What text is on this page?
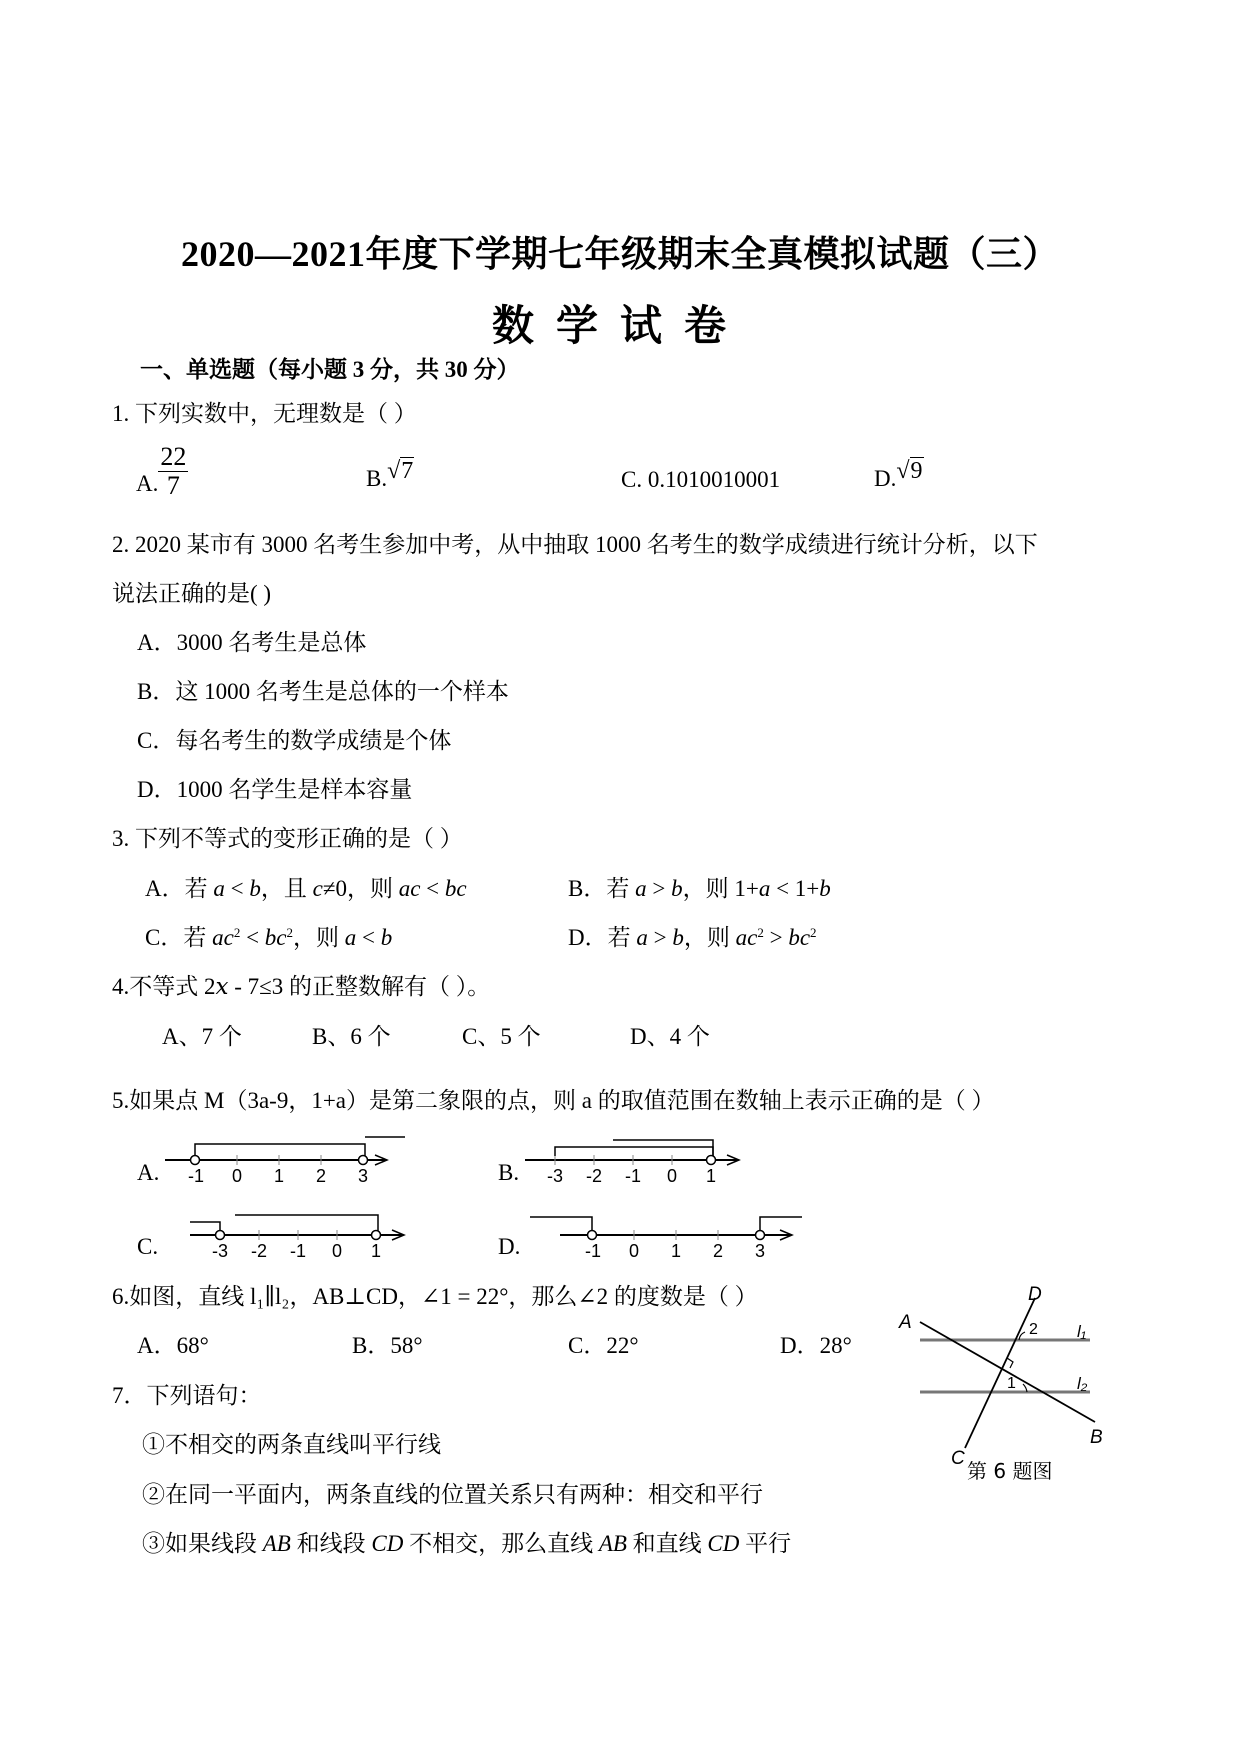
2020—2021年度下学期七年级期末全真模拟试题（三）
数学试卷
一、单选题（每小题 3 分，共 30 分）
1. 下列实数中，无理数是（ ）
A. $\frac{22}{7}$	B.√7	C. 0.1010010001	D.√9
2. 2020 某市有 3000 名考生参加中考，从中抽取 1000 名考生的数学成绩进行统计分析，以下
说法正确的是( )
A．3000 名考生是总体
B．这 1000 名考生是总体的一个样本
C．每名考生的数学成绩是个体
D．1000 名学生是样本容量
3. 下列不等式的变形正确的是（ ）
A．若 a < b，且 c≠0，则 ac < bc	B．若 a > b，则 1+a < 1+b
C．若 $ac^2 < bc^2$，则 a < b	D．若 a > b，则 $ac^2 > bc^2$
4.不等式 2𝑥 - 7≤3 的正整数解有（ ）。
A、7 个	B、6 个	C、5 个	D、4 个
5.如果点 M（3a-9，1+a）是第二象限的点，则 a 的取值范围在数轴上表示正确的是（ ）
A.	B.
C.	D.
-1 0 1 2 3	-3 -2 -1 0 1
-3 -2 -1 0 1	-1 0 1 2 3
6.如图，直线 l₁∥l₂，AB⊥CD，∠1 = 22°，那么∠2 的度数是（ ）
A．68°	B．58°	C．22°	D．28°
A
B
C
D
l₁
l₂
1
2
第 6 题图
7．下列语句：
①不相交的两条直线叫平行线
②在同一平面内，两条直线的位置关系只有两种：相交和平行
③如果线段 AB 和线段 CD 不相交，那么直线 AB 和直线 CD 平行
